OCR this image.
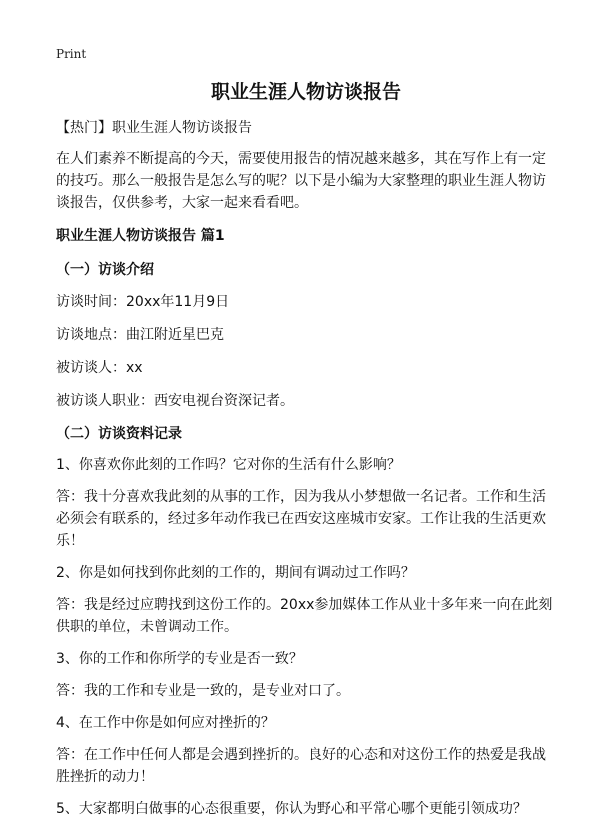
Print
职业生涯人物访谈报告

【热门】职业生涯人物访谈报告

在人们素养不断提高的今天，需要使用报告的情况越来越多，其在写作上有一定的技巧。那么一般报告是怎么写的呢？以下是小编为大家整理的职业生涯人物访谈报告，仅供参考，大家一起来看看吧。

职业生涯人物访谈报告 篇1

（一）访谈介绍

访谈时间：20xx年11月9日

访谈地点：曲江附近星巴克

被访谈人：xx

被访谈人职业：西安电视台资深记者。

（二）访谈资料记录

1、你喜欢你此刻的工作吗？它对你的生活有什么影响？

答：我十分喜欢我此刻的从事的工作，因为我从小梦想做一名记者。工作和生活必须会有联系的，经过多年动作我已在西安这座城市安家。工作让我的生活更欢乐！

2、你是如何找到你此刻的工作的，期间有调动过工作吗？

答：我是经过应聘找到这份工作的。20xx参加媒体工作从业十多年来一向在此刻供职的单位，未曾调动工作。

3、你的工作和你所学的专业是否一致？

答：我的工作和专业是一致的，是专业对口了。

4、在工作中你是如何应对挫折的？

答：在工作中任何人都是会遇到挫折的。良好的心态和对这份工作的热爱是我战胜挫折的动力！

5、大家都明白做事的心态很重要，你认为野心和平常心哪个更能引领成功？
